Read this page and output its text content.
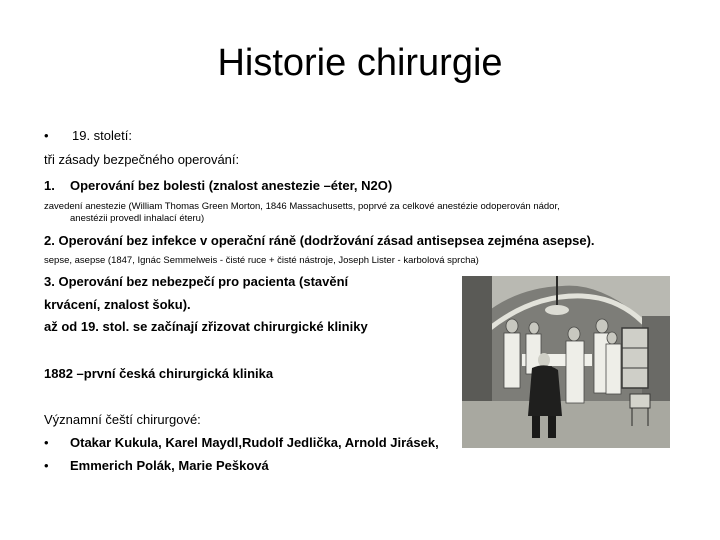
Historie chirurgie
• 19. století:
tři zásady bezpečného operování:
1. Operování bez bolesti (znalost anestezie –éter, N2O)
zavedení anestezie (William Thomas Green Morton, 1846 Massachusetts, poprvé za celkové anestézie odoperován nádor,
anestézii provedl inhalací éteru)
2. Operování bez infekce v operační ráně (dodržování zásad antisepsea zejména asepse).
sepse, asepse (1847, Ignác Semmelweis - čisté ruce + čisté nástroje, Joseph Lister - karbolová sprcha)
3. Operování bez nebezpečí pro pacienta (stavění
krvácení, znalost šoku).
až od 19. stol. se začínají zřizovat chirurgické kliniky
1882 –první česká chirurgická klinika
Významní čeští chirurgové:
• Otakar Kukula, Karel Maydl,Rudolf Jedlička, Arnold Jirásek,
• Emmerich Polák, Marie Pešková
